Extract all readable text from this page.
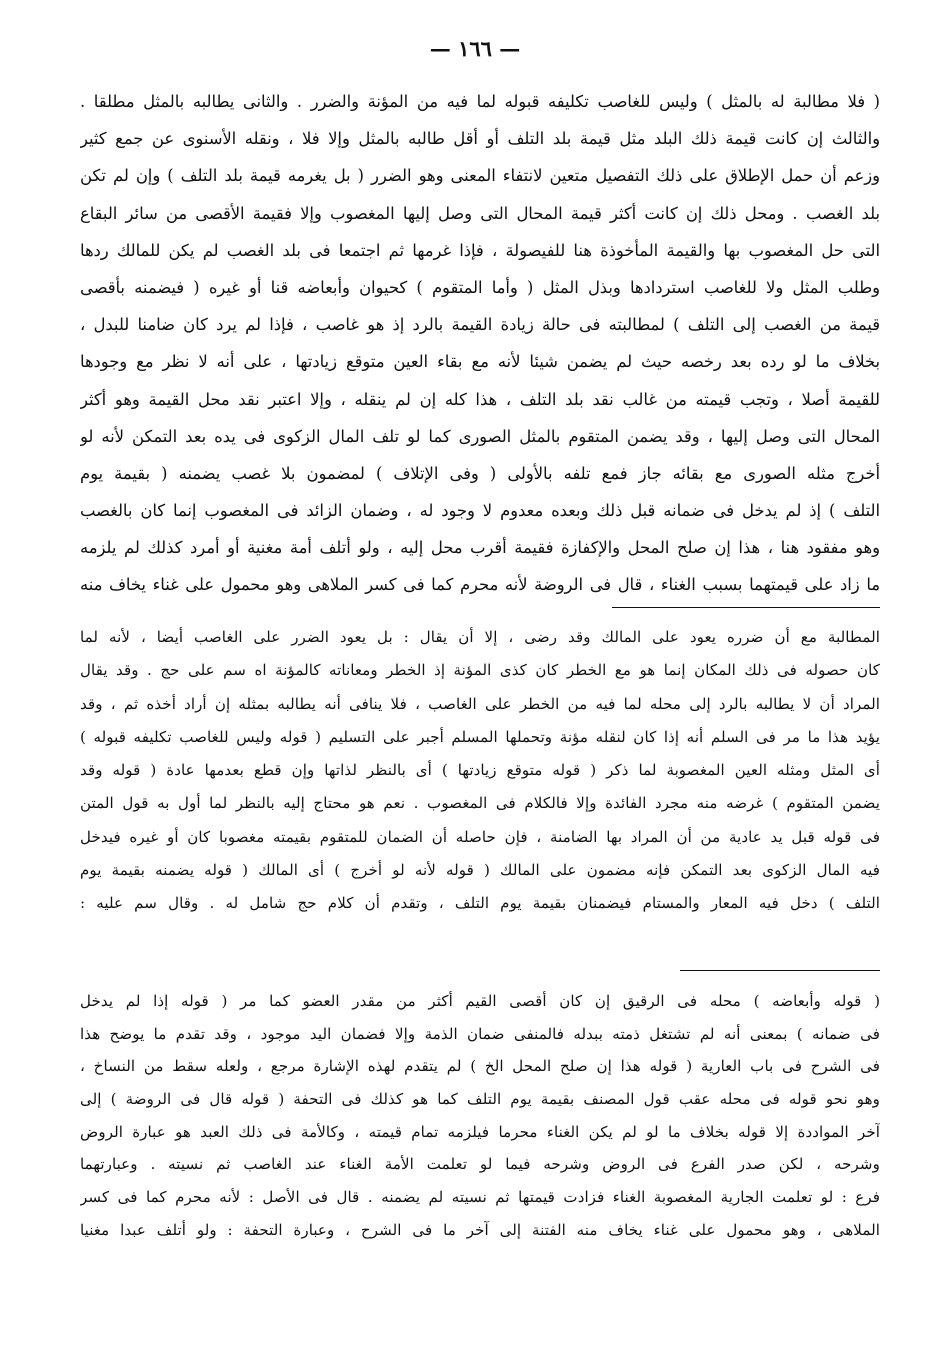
— ١٦٦ —
( فلا مطالبة له بالمثل ) وليس للغاصب تكليفه قبوله لما فيه من المؤنة والضرر . والثانى يطالبه بالمثل مطلقا .
والثالث إن كانت قيمة ذلك البلد مثل قيمة بلد التلف أو أقل طالبه بالمثل وإلا فلا ، ونقله الأسنوى عن جمع كثير
وزعم أن حمل الإطلاق على ذلك التفصيل متعين لانتفاء المعنى وهو الضرر ( بل يغرمه قيمة بلد التلف ) وإن لم تكن
بلد الغصب . ومحل ذلك إن كانت أكثر قيمة المحال التى وصل إليها المغصوب وإلا فقيمة الأقصى من سائر البقاع
التى حل المغصوب بها والقيمة المأخوذة هنا للفيصولة ، فإذا غرمها ثم اجتمعا فى بلد الغصب لم يكن للمالك ردها
وطلب المثل ولا للغاصب استردادها وبذل المثل ( وأما المتقوم ) كحيوان وأبعاضه قنا أو غيره ( فيضمنه بأقصى
قيمة من الغصب إلى التلف ) لمطالبته فى حالة زيادة القيمة بالرد إذ هو غاصب ، فإذا لم يرد كان ضامنا للبدل ،
بخلاف ما لو رده بعد رخصه حيث لم يضمن شيئا لأنه مع بقاء العين متوقع زيادتها ، على أنه لا نظر مع وجودها
للقيمة أصلا ، وتجب قيمته من غالب نقد بلد التلف ، هذا كله إن لم ينقله ، وإلا اعتبر نقد محل القيمة وهو أكثر
المحال التى وصل إليها ، وقد يضمن المتقوم بالمثل الصورى كما لو تلف المال الزكوى فى يده بعد التمكن لأنه لو
أخرج مثله الصورى مع بقائه جاز فمع تلفه بالأولى ( وفى الإتلاف ) لمضمون بلا غصب يضمنه ( بقيمة يوم
التلف ) إذ لم يدخل فى ضمانه قبل ذلك وبعده معدوم لا وجود له ، وضمان الزائد فى المغصوب إنما كان بالغصب
وهو مفقود هنا ، هذا إن صلح المحل والإكفازة فقيمة أقرب محل إليه ، ولو أتلف أمة مغنية أو أمرد كذلك لم يلزمه
ما زاد على قيمتهما بسبب الغناء ، قال فى الروضة لأنه محرم كما فى كسر الملاهى وهو محمول على غناء يخاف منه
المطالبة مع أن ضرره يعود على المالك وقد رضى ، إلا أن يقال : بل يعود الضرر على الغاصب أيضا ، لأنه لما
كان حصوله فى ذلك المكان إنما هو مع الخطر كان كذى المؤنة إذ الخطر ومعاناته كالمؤنة اه سم على حج . وقد يقال
المراد أن لا يطالبه بالرد إلى محله لما فيه من الخطر على الغاصب ، فلا ينافى أنه يطالبه بمثله إن أراد أخذه ثم ، وقد
يؤيد هذا ما مر فى السلم أنه إذا كان لنقله مؤنة وتحملها المسلم أجبر على التسليم ( قوله وليس للغاصب تكليفه قبوله )
أى المثل ومثله العين المغصوبة لما ذكر ( قوله متوقع زيادتها ) أى بالنظر لذاتها وإن قطع بعدمها عادة ( قوله وقد
يضمن المتقوم ) غرضه منه مجرد الفائدة وإلا فالكلام فى المغصوب . نعم هو محتاج إليه بالنظر لما أول به قول المتن
فى قوله قبل يد عادية من أن المراد بها الضامنة ، فإن حاصله أن الضمان للمتقوم بقيمته مغصوبا كان أو غيره فيدخل
فيه المال الزكوى بعد التمكن فإنه مضمون على المالك ( قوله لأنه لو أخرج ) أى المالك ( قوله يضمنه بقيمة يوم
التلف ) دخل فيه المعار والمستام فيضمنان بقيمة يوم التلف ، وتقدم أن كلام حج شامل له . وقال سم عليه :
( قوله وأبعاضه ) محله فى الرقيق إن كان أقصى القيم أكثر من مقدر العضو كما مر ( قوله إذا لم يدخل
فى ضمانه ) بمعنى أنه لم تشتغل ذمته ببدله فالمنفى ضمان الذمة وإلا فضمان اليد موجود ، وقد تقدم ما يوضح هذا
فى الشرح فى باب العارية ( قوله هذا إن صلح المحل الخ ) لم يتقدم لهذه الإشارة مرجع ، ولعله سقط من النساخ ،
وهو نحو قوله فى محله عقب قول المصنف بقيمة يوم التلف كما هو كذلك فى التحفة ( قوله قال فى الروضة ) إلى
آخر المواددة إلا قوله بخلاف ما لو لم يكن الغناء محرما فيلزمه تمام قيمته ، وكالأمة فى ذلك العبد هو عبارة الروض
وشرحه ، لكن صدر الفرع فى الروض وشرحه فيما لو تعلمت الأمة الغناء عند الغاصب ثم نسيته . وعبارتهما
فرع : لو تعلمت الجارية المغصوبة الغناء فزادت قيمتها ثم نسيته لم يضمنه . قال فى الأصل : لأنه محرم كما فى كسر
الملاهى ، وهو محمول على غناء يخاف منه الفتنة إلى آخر ما فى الشرح ، وعبارة التحفة : ولو أتلف عبدا مغنيا
